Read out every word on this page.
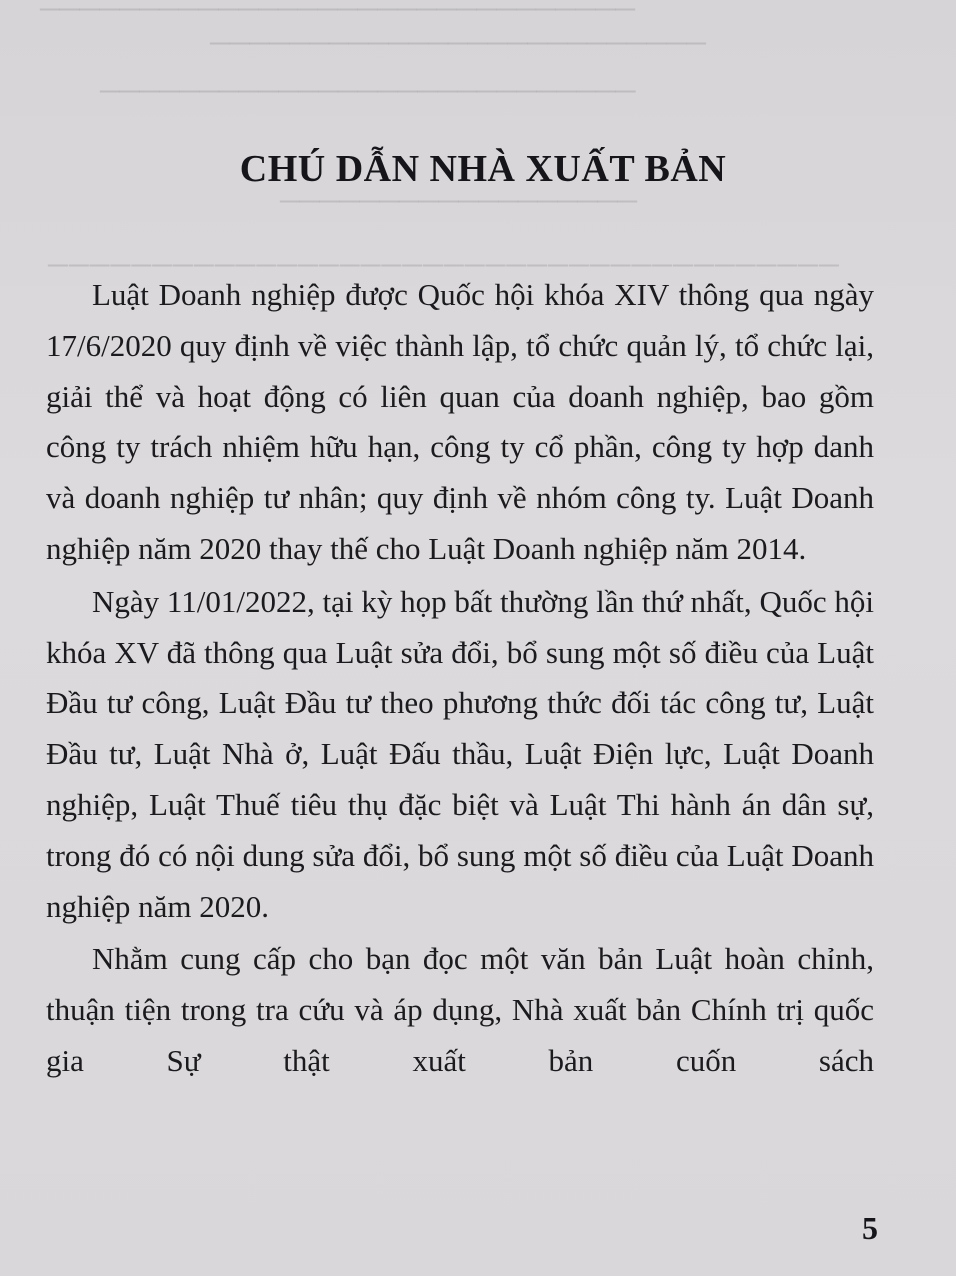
──────────────────────────────
─────────────────────────
───────────────────────────
──────────────────
──────────────────────────────────────
CHÚ DẪN NHÀ XUẤT BẢN

Luật Doanh nghiệp được Quốc hội khóa XIV thông qua ngày 17/6/2020 quy định về việc thành lập, tổ chức quản lý, tổ chức lại, giải thể và hoạt động có liên quan của doanh nghiệp, bao gồm công ty trách nhiệm hữu hạn, công ty cổ phần, công ty hợp danh và doanh nghiệp tư nhân; quy định về nhóm công ty. Luật Doanh nghiệp năm 2020 thay thế cho Luật Doanh nghiệp năm 2014.

Ngày 11/01/2022, tại kỳ họp bất thường lần thứ nhất, Quốc hội khóa XV đã thông qua Luật sửa đổi, bổ sung một số điều của Luật Đầu tư công, Luật Đầu tư theo phương thức đối tác công tư, Luật Đầu tư, Luật Nhà ở, Luật Đấu thầu, Luật Điện lực, Luật Doanh nghiệp, Luật Thuế tiêu thụ đặc biệt và Luật Thi hành án dân sự, trong đó có nội dung sửa đổi, bổ sung một số điều của Luật Doanh nghiệp năm 2020.

Nhằm cung cấp cho bạn đọc một văn bản Luật hoàn chỉnh, thuận tiện trong tra cứu và áp dụng, Nhà xuất bản Chính trị quốc gia Sự thật xuất bản cuốn sách

5
